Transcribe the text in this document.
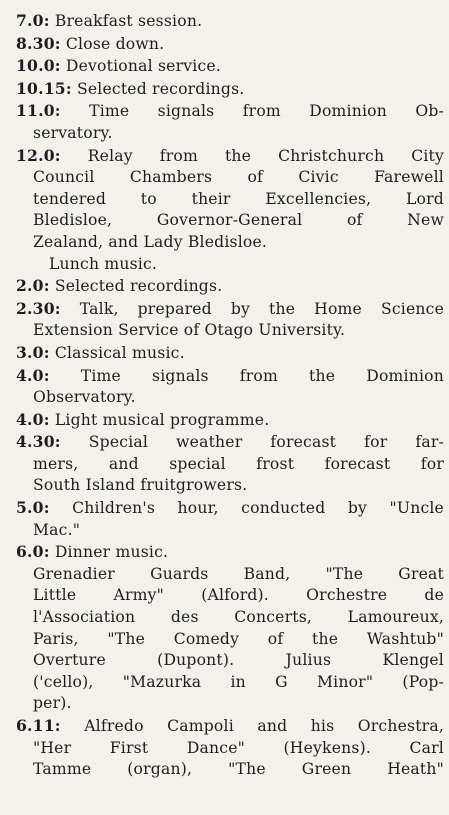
7.0: Breakfast session.
8.30: Close down.
10.0: Devotional service.
10.15: Selected recordings.
11.0: Time signals from Dominion Ob-
servatory.
12.0: Relay from the Christchurch City
Council Chambers of Civic Farewell
tendered to their Excellencies, Lord
Bledisloe, Governor-General of New
Zealand, and Lady Bledisloe.
Lunch music.
2.0: Selected recordings.
2.30: Talk, prepared by the Home Science
Extension Service of Otago University.
3.0: Classical music.
4.0: Time signals from the Dominion
Observatory.
4.0: Light musical programme.
4.30: Special weather forecast for far-
mers, and special frost forecast for
South Island fruitgrowers.
5.0: Children's hour, conducted by "Uncle
Mac."
6.0: Dinner music.
Grenadier Guards Band, "The Great
Little Army" (Alford). Orchestre de
l'Association des Concerts, Lamoureux,
Paris, "The Comedy of the Washtub"
Overture (Dupont). Julius Klengel
('cello), "Mazurka in G Minor" (Pop-
per).
6.11: Alfredo Campoli and his Orchestra,
"Her First Dance" (Heykens). Carl
Tamme (organ), "The Green Heath"
